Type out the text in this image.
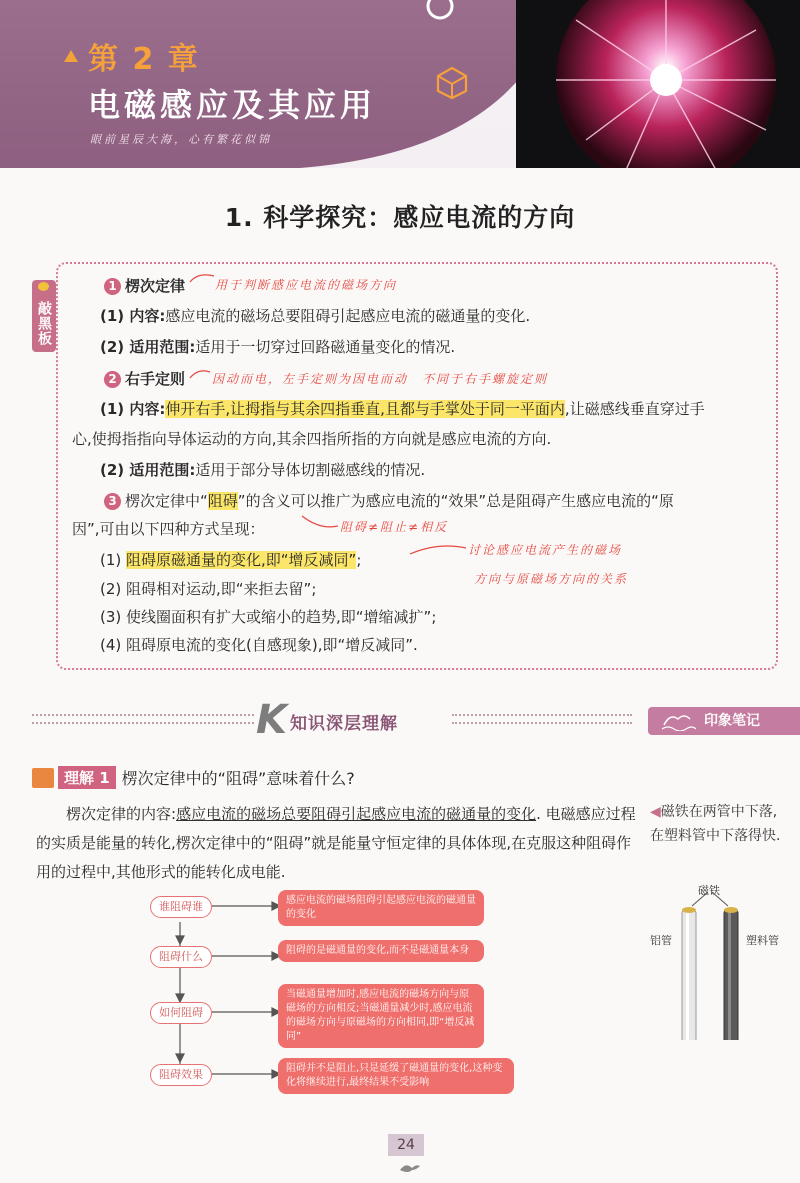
第 2 章
电磁感应及其应用
眼前星辰大海，心有繁花似锦
1. 科学探究：感应电流的方向
敲黑板
1 楞次定律 用于判断感应电流的磁场方向
(1) 内容:感应电流的磁场总要阻碍引起感应电流的磁通量的变化.
(2) 适用范围:适用于一切穿过回路磁通量变化的情况.
2 右手定则 因动而电，左手定则为因电而动　不同于右手螺旋定则
(1) 内容:伸开右手,让拇指与其余四指垂直,且都与手掌处于同一平面内,让磁感线垂直穿过手
心,使拇指指向导体运动的方向,其余四指所指的方向就是感应电流的方向.
(2) 适用范围:适用于部分导体切割磁感线的情况.
3 楞次定律中“阻碍”的含义可以推广为感应电流的“效果”总是阻碍产生感应电流的“原
因”,可由以下四种方式呈现：	阻碍≠阻止≠相反
(1) 阻碍原磁通量的变化,即“增反减同”;
讨论感应电流产生的磁场
方向与原磁场方向的关系
(2) 阻碍相对运动,即“来拒去留”;
(3) 使线圈面积有扩大或缩小的趋势,即“增缩减扩”;
(4) 阻碍原电流的变化(自感现象),即“增反减同”.
K 知识深层理解	印象笔记
理解 1 楞次定律中的“阻碍”意味着什么?
楞次定律的内容:感应电流的磁场总要阻碍引起感应电流的磁通量的变化. 电磁感应过程的实质是能量的转化,楞次定律中的“阻碍”就是能量守恒定律的具体体现,在克服这种阻碍作用的过程中,其他形式的能转化成电能.
◀磁铁在两管中下落,在塑料管中下落得快.
磁铁
铝管	塑料管
谁阻碍谁	感应电流的磁场阻碍引起感应电流的磁通量的变化
阻碍什么	阻碍的是磁通量的变化,而不是磁通量本身
如何阻碍
当磁通量增加时,感应电流的磁场方向与原磁场的方向相反;当磁通量减少时,感应电流的磁场方向与原磁场的方向相同,即“增反减同”
阻碍效果	阻碍并不是阻止,只是延缓了磁通量的变化,这种变化将继续进行,最终结果不受影响
24
